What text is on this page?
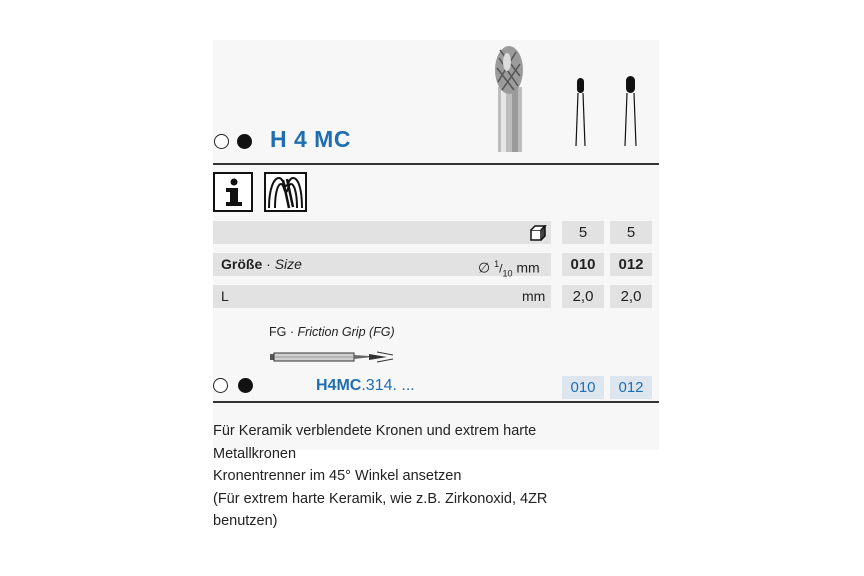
H 4 MC
5	5
Größe · Size	∅ $^1/_{10}$ mm	010	012
L	mm	2,0	2,0
FG · Friction Grip (FG)
H4MC.314. ...	010	012
Für Keramik verblendete Kronen und extrem harte
Metallkronen
Kronentrenner im 45° Winkel ansetzen
(Für extrem harte Keramik, wie z.B. Zirkonoxid, 4ZR
benutzen)
